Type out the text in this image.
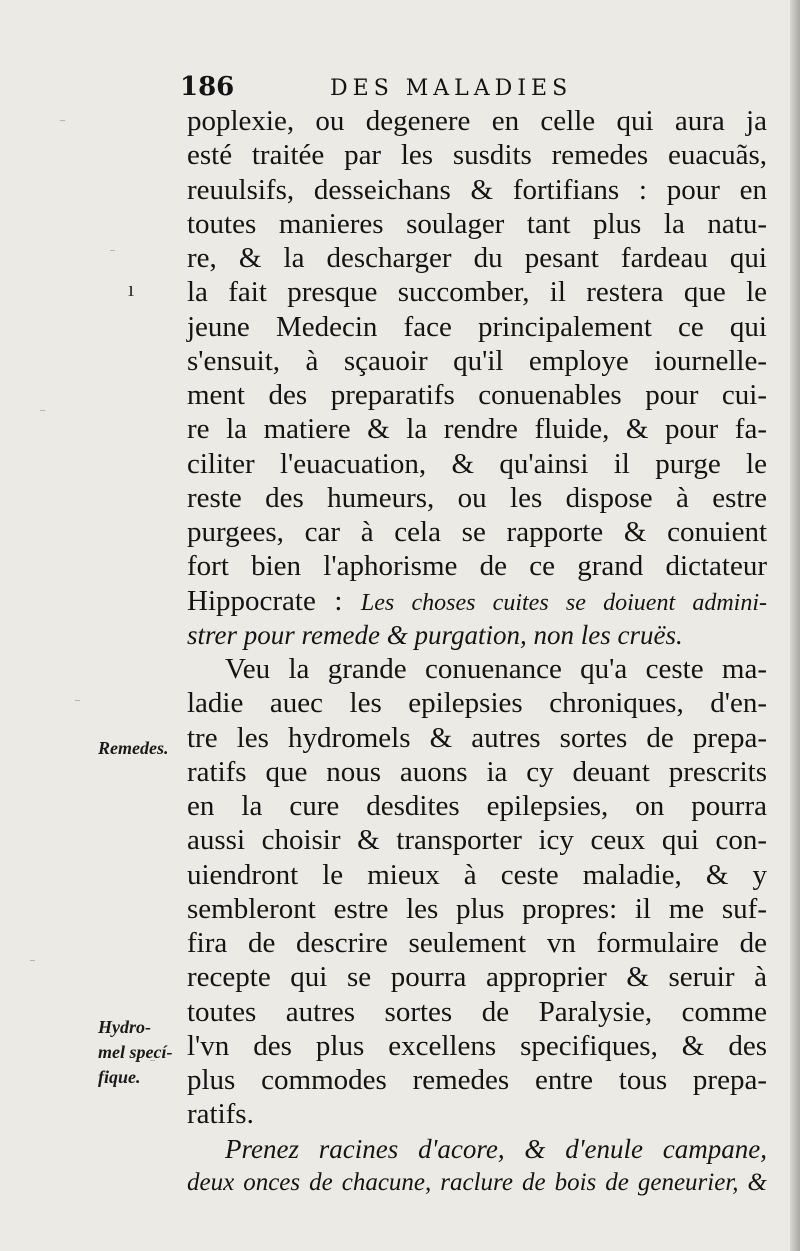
ı
186	DES MALADIES
Remedes.
Hydro-
mel specí-
fique.
poplexie, ou degenere en celle qui aura ja
esté traitée par les susdits remedes euacuãs,
reuulsifs, desseichans & fortifians : pour en
toutes manieres soulager tant plus la natu-
re, & la descharger du pesant fardeau qui
la fait presque succomber, il restera que le
jeune Medecin face principalement ce qui
s'ensuit, à sçauoir qu'il employe iournelle-
ment des preparatifs conuenables pour cui-
re la matiere & la rendre fluide, & pour fa-
ciliter l'euacuation, & qu'ainsi il purge le
reste des humeurs, ou les dispose à estre
purgees, car à cela se rapporte & conuient
fort bien l'aphorisme de ce grand dictateur
Hippocrate : Les choses cuites se doiuent admini-
strer pour remede & purgation, non les cruës.
Veu la grande conuenance qu'a ceste ma-
ladie auec les epilepsies chroniques, d'en-
tre les hydromels & autres sortes de prepa-
ratifs que nous auons ia cy deuant prescrits
en la cure desdites epilepsies, on pourra
aussi choisir & transporter icy ceux qui con-
uiendront le mieux à ceste maladie, & y
sembleront estre les plus propres: il me suf-
fira de descrire seulement vn formulaire de
recepte qui se pourra approprier & seruir à
toutes autres sortes de Paralysie, comme
l'vn des plus excellens specifiques, & des
plus commodes remedes entre tous prepa-
ratifs.
Prenez racines d'acore, & d'enule campane,
deux onces de chacune, raclure de bois de geneurier, &
